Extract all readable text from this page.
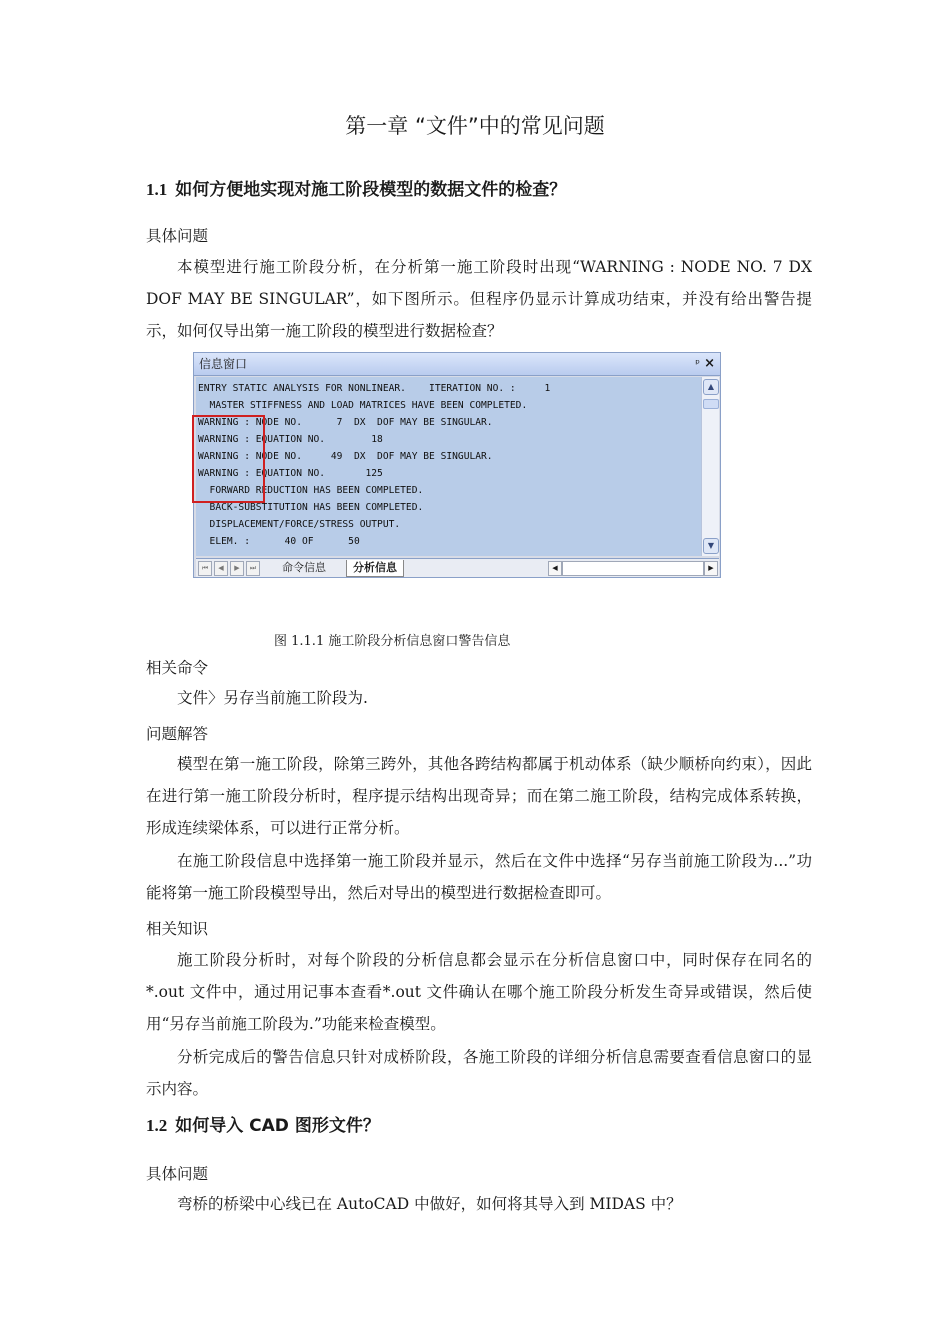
第一章 “文件”中的常见问题
1.1 如何方便地实现对施工阶段模型的数据文件的检查？
具体问题
本模型进行施工阶段分析，在分析第一施工阶段时出现“WARNING : NODE NO. 7 DX DOF MAY BE SINGULAR”，如下图所示。但程序仍显示计算成功结束，并没有给出警告提示，如何仅导出第一施工阶段的模型进行数据检查？
信息窗口	ᵖ ×
ENTRY STATIC ANALYSIS FOR NONLINEAR.    ITERATION NO. :     1
MASTER STIFFNESS AND LOAD MATRICES HAVE BEEN COMPLETED.
WARNING : NODE NO.      7  DX  DOF MAY BE SINGULAR.
WARNING : EQUATION NO.        18
WARNING : NODE NO.     49  DX  DOF MAY BE SINGULAR.
WARNING : EQUATION NO.       125
FORWARD REDUCTION HAS BEEN COMPLETED.
BACK-SUBSTITUTION HAS BEEN COMPLETED.
DISPLACEMENT/FORCE/STRESS OUTPUT.
ELEM. :      40 OF      50
▲
▼
⏮	◀	▶	⏭	命令信息	分析信息	◀	▶
图 1.1.1 施工阶段分析信息窗口警告信息
相关命令
文件〉另存当前施工阶段为.
问题解答
模型在第一施工阶段，除第三跨外，其他各跨结构都属于机动体系（缺少顺桥向约束），因此在进行第一施工阶段分析时，程序提示结构出现奇异；而在第二施工阶段，结构完成体系转换，形成连续梁体系，可以进行正常分析。
在施工阶段信息中选择第一施工阶段并显示，然后在文件中选择“另存当前施工阶段为...”功能将第一施工阶段模型导出，然后对导出的模型进行数据检查即可。
相关知识
施工阶段分析时，对每个阶段的分析信息都会显示在分析信息窗口中，同时保存在同名的*.out 文件中，通过用记事本查看*.out 文件确认在哪个施工阶段分析发生奇异或错误，然后使用“另存当前施工阶段为.”功能来检查模型。
分析完成后的警告信息只针对成桥阶段，各施工阶段的详细分析信息需要查看信息窗口的显示内容。
1.2 如何导入 CAD 图形文件？
具体问题
弯桥的桥梁中心线已在 AutoCAD 中做好，如何将其导入到 MIDAS 中？
